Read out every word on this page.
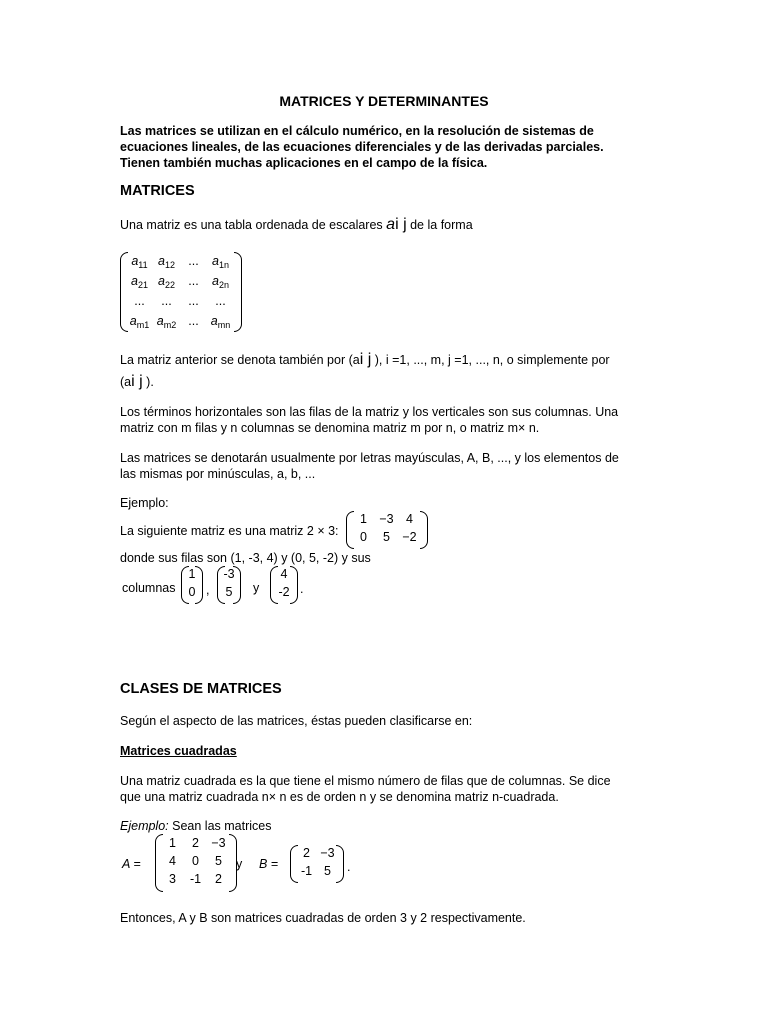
MATRICES Y DETERMINANTES
Las matrices se utilizan en el cálculo numérico, en la resolución de sistemas de ecuaciones lineales, de las ecuaciones diferenciales y de las derivadas parciales. Tienen también muchas aplicaciones en el campo de la física.
MATRICES
Una matriz es una tabla ordenada de escalares ai j de la forma
$a_{11}$ $a_{12}$	...	$a_{1n}$
$a_{21}$ $a_{22}$	...	$a_{2n}$
...	...	...	...
$a_{m1}$ $a_{m2}$ ... $a_{mn}$
La matriz anterior se denota también por (ai j ), i =1, ..., m, j =1, ..., n, o simplemente por
(ai j ).
Los términos horizontales son las filas de la matriz y los verticales son sus columnas. Una matriz con m filas y n columnas se denomina matriz m por n, o matriz m× n.
Las matrices se denotarán usualmente por letras mayúsculas, A, B, ..., y los elementos de las mismas por minúsculas, a, b, ...
Ejemplo:
La siguiente matriz es una matriz 2 × 3:
1 −3 4
0	5 −2
donde sus filas son (1, -3, 4) y (0, 5, -2) y sus
columnas
1
0 ,
-3
5 y
4
-2 .
CLASES DE MATRICES
Según el aspecto de las matrices, éstas pueden clasificarse en:
Matrices cuadradas
Una matriz cuadrada es la que tiene el mismo número de filas que de columnas. Se dice que una matriz cuadrada n× n es de orden n y se denomina matriz n-cuadrada.
Ejemplo: Sean las matrices
A =
1	2 −3
4	0	5
3	-1	2
y B =
2 −3
-1 5	.
Entonces, A y B son matrices cuadradas de orden 3 y 2 respectivamente.
